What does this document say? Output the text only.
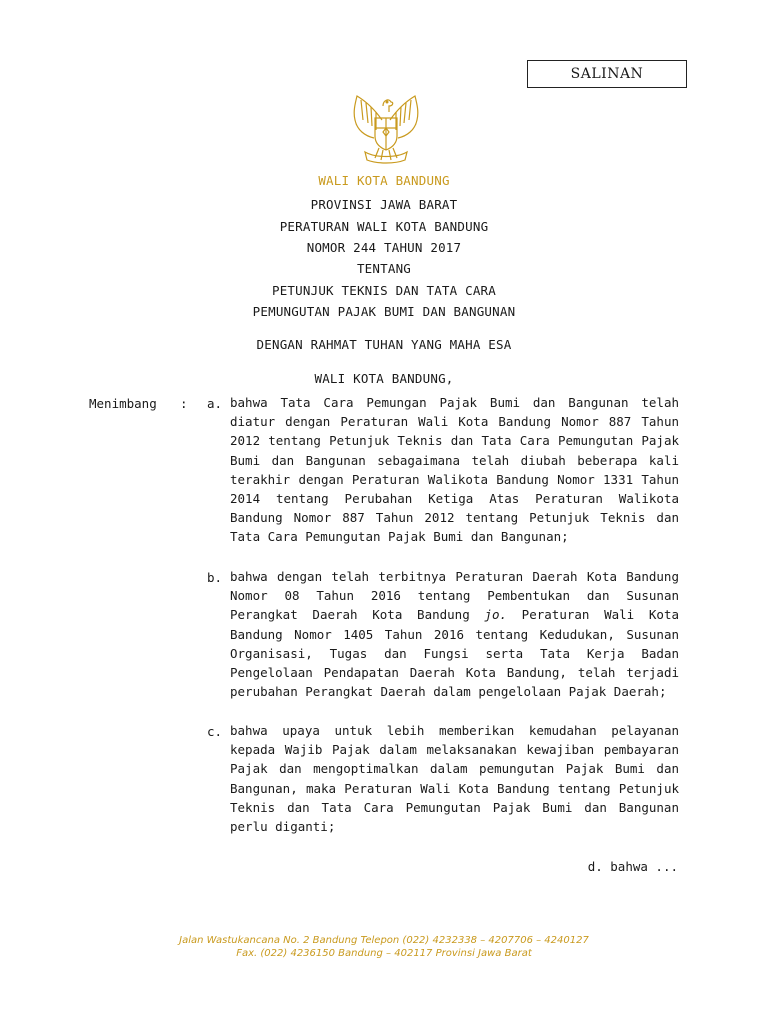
SALINAN
WALI KOTA BANDUNG
PROVINSI JAWA BARAT
PERATURAN WALI KOTA BANDUNG
NOMOR 244 TAHUN 2017
TENTANG
PETUNJUK TEKNIS DAN TATA CARA
PEMUNGUTAN PAJAK BUMI DAN BANGUNAN
DENGAN RAHMAT TUHAN YANG MAHA ESA
WALI KOTA BANDUNG,
Menimbang : a. bahwa Tata Cara Pemungan Pajak Bumi dan Bangunan telah diatur dengan Peraturan Wali Kota Bandung Nomor 887 Tahun 2012 tentang Petunjuk Teknis dan Tata Cara Pemungutan Pajak Bumi dan Bangunan sebagaimana telah diubah beberapa kali terakhir dengan Peraturan Walikota Bandung Nomor 1331 Tahun 2014 tentang Perubahan Ketiga Atas Peraturan Walikota Bandung Nomor 887 Tahun 2012 tentang Petunjuk Teknis dan Tata Cara Pemungutan Pajak Bumi dan Bangunan;
b. bahwa dengan telah terbitnya Peraturan Daerah Kota Bandung Nomor 08 Tahun 2016 tentang Pembentukan dan Susunan Perangkat Daerah Kota Bandung jo. Peraturan Wali Kota Bandung Nomor 1405 Tahun 2016 tentang Kedudukan, Susunan Organisasi, Tugas dan Fungsi serta Tata Kerja Badan Pengelolaan Pendapatan Daerah Kota Bandung, telah terjadi perubahan Perangkat Daerah dalam pengelolaan Pajak Daerah;
c. bahwa upaya untuk lebih memberikan kemudahan pelayanan kepada Wajib Pajak dalam melaksanakan kewajiban pembayaran Pajak dan mengoptimalkan dalam pemungutan Pajak Bumi dan Bangunan, maka Peraturan Wali Kota Bandung tentang Petunjuk Teknis dan Tata Cara Pemungutan Pajak Bumi dan Bangunan perlu diganti;
d. bahwa ...
Jalan Wastukancana No. 2 Bandung Telepon (022) 4232338 – 4207706 – 4240127
Fax. (022) 4236150 Bandung – 402117 Provinsi Jawa Barat
